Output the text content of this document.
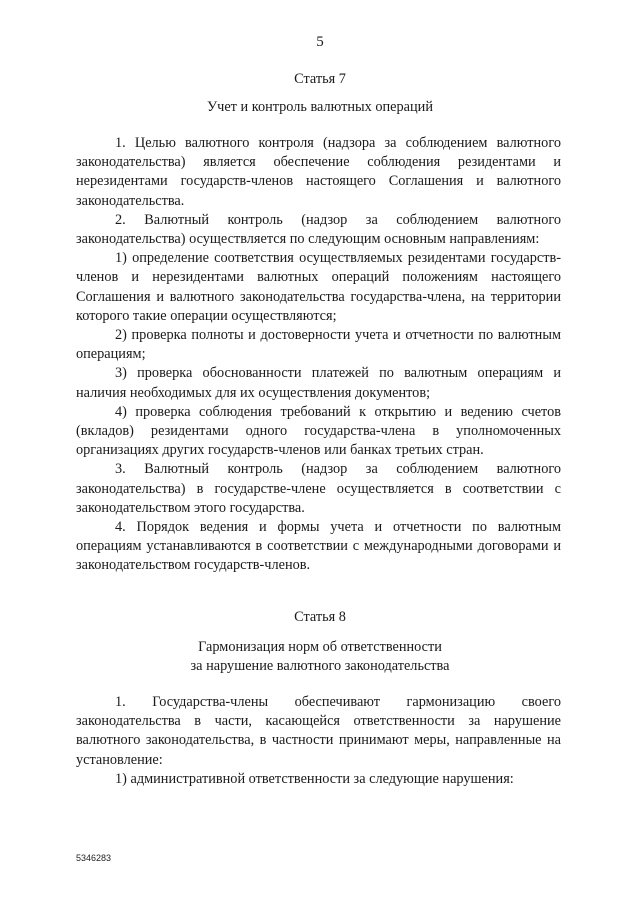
5
Статья 7
Учет и контроль валютных операций

1. Целью валютного контроля (надзора за соблюдением валютного законодательства) является обеспечение соблюдения резидентами и нерезидентами государств-членов настоящего Соглашения и валютного законодательства.

2. Валютный контроль (надзор за соблюдением валютного законодательства) осуществляется по следующим основным направлениям:

1) определение соответствия осуществляемых резидентами государств-членов и нерезидентами валютных операций положениям настоящего Соглашения и валютного законодательства государства-члена, на территории которого такие операции осуществляются;

2) проверка полноты и достоверности учета и отчетности по валютным операциям;

3) проверка обоснованности платежей по валютным операциям и наличия необходимых для их осуществления документов;

4) проверка соблюдения требований к открытию и ведению счетов (вкладов) резидентами одного государства-члена в уполномоченных организациях других государств-членов или банках третьих стран.

3. Валютный контроль (надзор за соблюдением валютного законодательства) в государстве-члене осуществляется в соответствии с законодательством этого государства.

4. Порядок ведения и формы учета и отчетности по валютным операциям устанавливаются в соответствии с международными договорами и законодательством государств-членов.

Статья 8
Гармонизация норм об ответственности
за нарушение валютного законодательства

1. Государства-члены обеспечивают гармонизацию своего законодательства в части, касающейся ответственности за нарушение валютного законодательства, в частности принимают меры, направленные на установление:

1) административной ответственности за следующие нарушения:

5346283
